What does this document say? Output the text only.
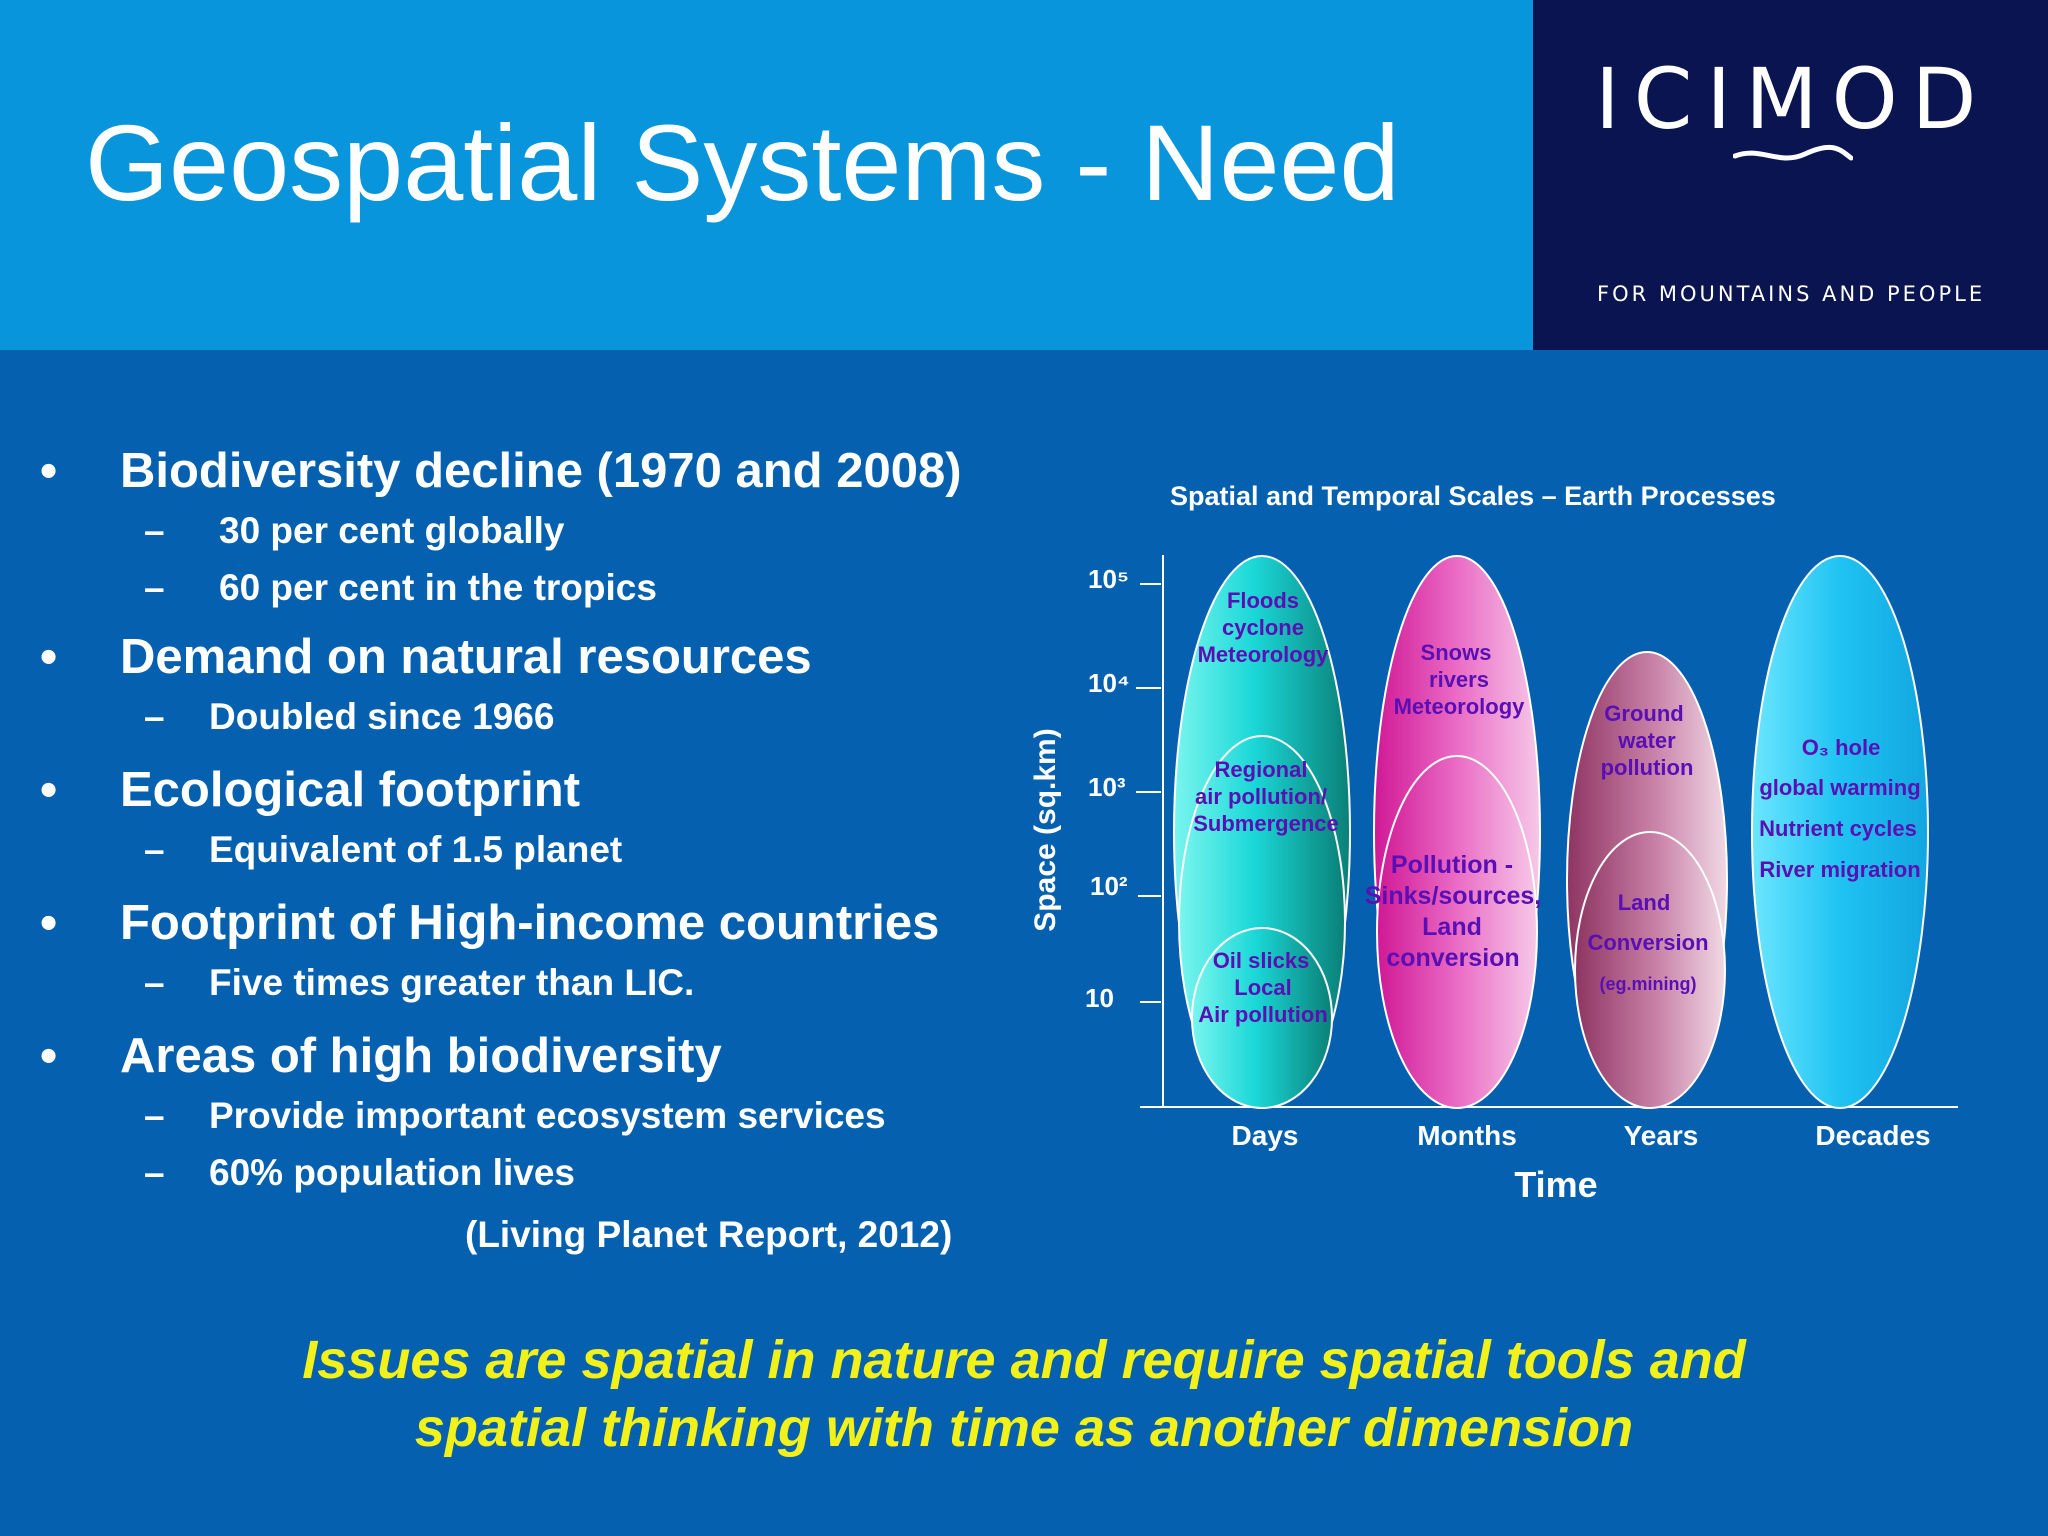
Geospatial Systems - Need
ICIMOD
FOR MOUNTAINS AND PEOPLE
• Biodiversity decline (1970 and 2008)
– 30 per cent globally
– 60 per cent in the tropics
• Demand on natural resources
– Doubled since 1966
• Ecological footprint
– Equivalent of 1.5 planet
• Footprint of High-income countries
– Five times greater than LIC.
• Areas of high biodiversity
– Provide important ecosystem services
– 60% population lives
(Living Planet Report, 2012)
Spatial and Temporal Scales – Earth Processes
10
10²
10³
10⁴
10⁵
Space (sq.km)
Floods
cyclone
Meteorology
Regional
air pollution/
Submergence
Oil slicks
Local
Air pollution
Snows
rivers
Meteorology
Pollution -
Sinks/sources,
Land
conversion
Ground
water
pollution
Land
Conversion
(eg.mining)
O₃ hole
global warming
Nutrient cycles
River migration
Days	Months	Years	Decades
Time
Issues are spatial in nature and require spatial tools and
spatial thinking with time as another dimension
